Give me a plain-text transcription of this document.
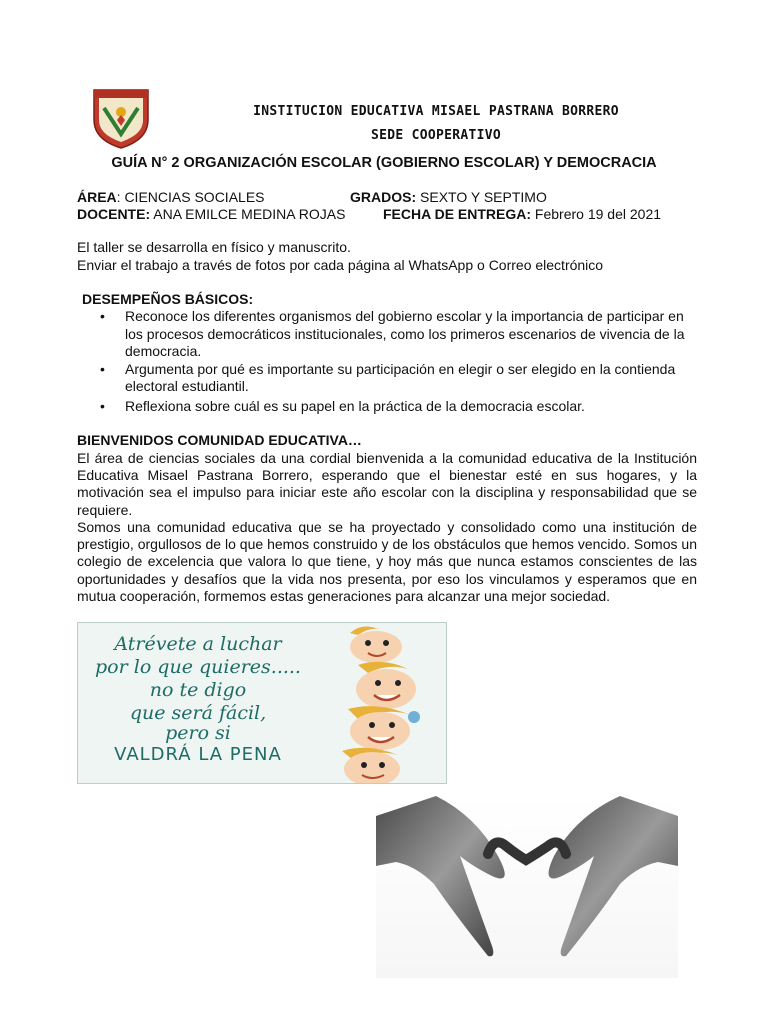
INSTITUCION EDUCATIVA MISAEL PASTRANA BORRERO
SEDE COOPERATIVO
GUÍA N° 2 ORGANIZACIÓN ESCOLAR (GOBIERNO ESCOLAR) Y DEMOCRACIA
ÁREA: CIENCIAS SOCIALES	GRADOS: SEXTO Y SEPTIMO
DOCENTE: ANA EMILCE MEDINA ROJAS	FECHA DE ENTREGA: Febrero 19 del 2021
El taller se desarrolla en físico y manuscrito.
Enviar el trabajo a través de fotos por cada página al WhatsApp o Correo electrónico
DESEMPEÑOS BÁSICOS:
• Reconoce los diferentes organismos del gobierno escolar y la importancia de participar en los procesos democráticos institucionales, como los primeros escenarios de vivencia de la democracia.
• Argumenta por qué es importante su participación en elegir o ser elegido en la contienda electoral estudiantil.
• Reflexiona sobre cuál es su papel en la práctica de la democracia escolar.
BIENVENIDOS COMUNIDAD EDUCATIVA…

El área de ciencias sociales da una cordial bienvenida a la comunidad educativa de la Institución Educativa Misael Pastrana Borrero, esperando que el bienestar esté en sus hogares, y la motivación sea el impulso para iniciar este año escolar con la disciplina y responsabilidad que se requiere.

Somos una comunidad educativa que se ha proyectado y consolidado como una institución de prestigio, orgullosos de lo que hemos construido y de los obstáculos que hemos vencido. Somos un colegio de excelencia que valora lo que tiene, y hoy más que nunca estamos conscientes de las oportunidades y desafíos que la vida nos presenta, por eso los vinculamos y esperamos que en mutua cooperación, formemos estas generaciones para alcanzar una mejor sociedad.

Atrévete a luchar
por lo que quieres.....
no te digo
que será fácil,
pero si
VALDRÁ LA PENA
